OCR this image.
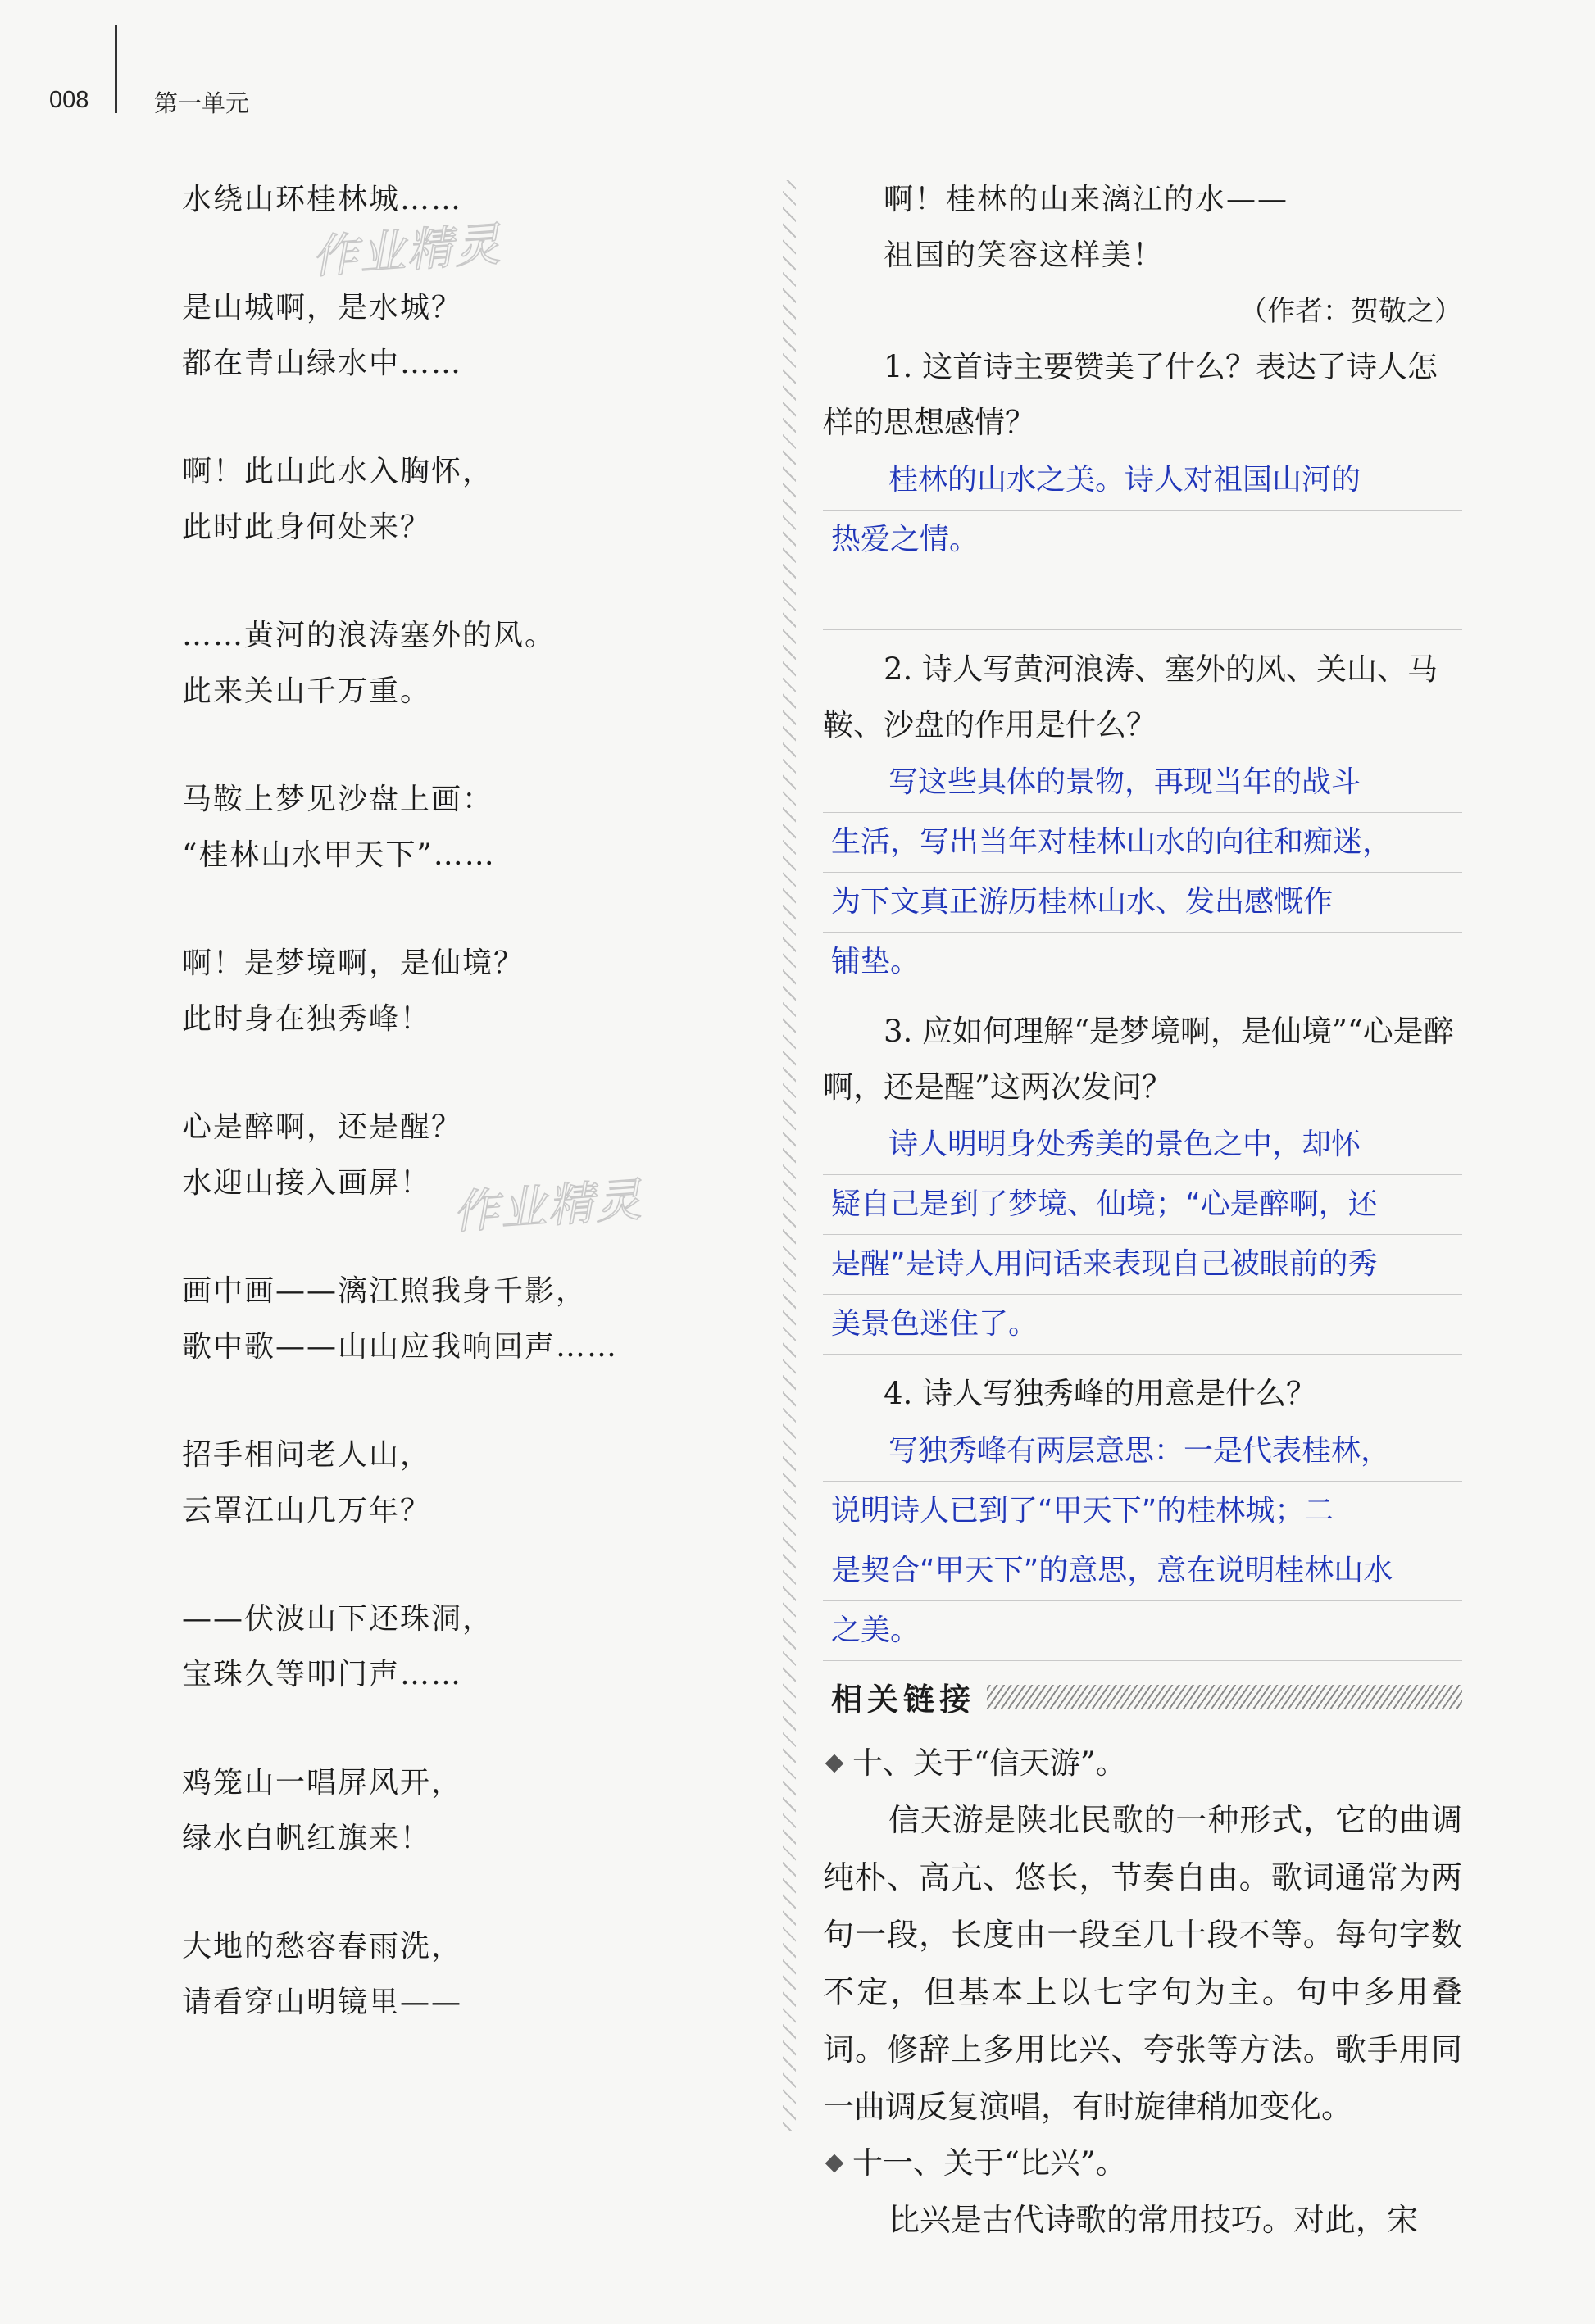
008	第一单元
水绕山环桂林城……
是山城啊，是水城？
都在青山绿水中……
啊！此山此水入胸怀，
此时此身何处来？
……黄河的浪涛塞外的风。
此来关山千万重。
马鞍上梦见沙盘上画：
“桂林山水甲天下”……
啊！是梦境啊，是仙境？
此时身在独秀峰！
心是醉啊，还是醒？
水迎山接入画屏！
画中画——漓江照我身千影，
歌中歌——山山应我响回声……
招手相问老人山，
云罩江山几万年？
——伏波山下还珠洞，
宝珠久等叩门声……
鸡笼山一唱屏风开，
绿水白帆红旗来！
大地的愁容春雨洗，
请看穿山明镜里——
啊！桂林的山来漓江的水——
祖国的笑容这样美！
（作者：贺敬之）

1. 这首诗主要赞美了什么？表达了诗人怎样的思想感情？

桂林的山水之美。诗人对祖国山河的
热爱之情。

2. 诗人写黄河浪涛、塞外的风、关山、马鞍、沙盘的作用是什么？

写这些具体的景物，再现当年的战斗
生活，写出当年对桂林山水的向往和痴迷，
为下文真正游历桂林山水、发出感慨作
铺垫。

3. 应如何理解“是梦境啊，是仙境”“心是醉啊，还是醒”这两次发问？

诗人明明身处秀美的景色之中，却怀
疑自己是到了梦境、仙境；“心是醉啊，还
是醒”是诗人用问话来表现自己被眼前的秀
美景色迷住了。

4. 诗人写独秀峰的用意是什么？

写独秀峰有两层意思：一是代表桂林，
说明诗人已到了“甲天下”的桂林城；二
是契合“甲天下”的意思，意在说明桂林山水
之美。
相关链接
十、关于“信天游”。

信天游是陕北民歌的一种形式，它的曲调纯朴、高亢、悠长，节奏自由。歌词通常为两句一段，长度由一段至几十段不等。每句字数不定，但基本上以七字句为主。句中多用叠词。修辞上多用比兴、夸张等方法。歌手用同一曲调反复演唱，有时旋律稍加变化。

十一、关于“比兴”。

比兴是古代诗歌的常用技巧。对此，宋

作业精灵
作业精灵
